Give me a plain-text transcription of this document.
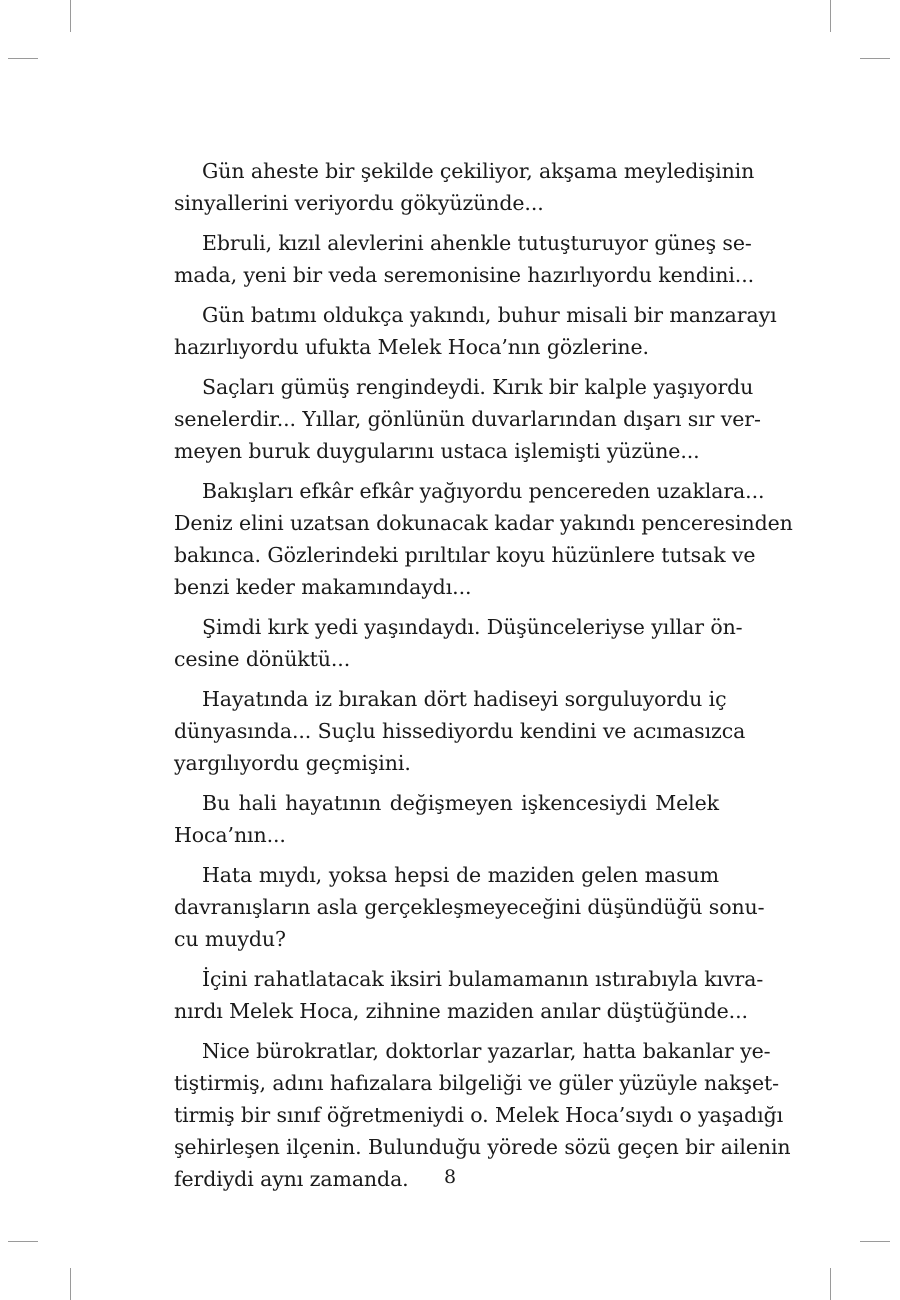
Gün aheste bir şekilde çekiliyor, akşama meyledişinin
sinyallerini veriyordu gökyüzünde...

Ebruli, kızıl alevlerini ahenkle tutuşturuyor güneş se-
mada, yeni bir veda seremonisine hazırlıyordu kendini...

Gün batımı oldukça yakındı, buhur misali bir manzarayı
hazırlıyordu ufukta Melek Hoca’nın gözlerine.

Saçları gümüş rengindeydi. Kırık bir kalple yaşıyordu
senelerdir... Yıllar, gönlünün duvarlarından dışarı sır ver-
meyen buruk duygularını ustaca işlemişti yüzüne...

Bakışları efkâr efkâr yağıyordu pencereden uzaklara...
Deniz elini uzatsan dokunacak kadar yakındı penceresinden
bakınca. Gözlerindeki pırıltılar koyu hüzünlere tutsak ve
benzi keder makamındaydı...

Şimdi kırk yedi yaşındaydı. Düşünceleriyse yıllar ön-
cesine dönüktü...

Hayatında iz bırakan dört hadiseyi sorguluyordu iç
dünyasında... Suçlu hissediyordu kendini ve acımasızca
yargılıyordu geçmişini.

Bu hali hayatının değişmeyen işkencesiydi Melek
Hoca’nın...

Hata mıydı, yoksa hepsi de maziden gelen masum
davranışların asla gerçekleşmeyeceğini düşündüğü sonu-
cu muydu?

İçini rahatlatacak iksiri bulamamanın ıstırabıyla kıvra-
nırdı Melek Hoca, zihnine maziden anılar düştüğünde...

Nice bürokratlar, doktorlar yazarlar, hatta bakanlar ye-
tiştirmiş, adını hafızalara bilgeliği ve güler yüzüyle nakşet-
tirmiş bir sınıf öğretmeniydi o. Melek Hoca’sıydı o yaşadığı
şehirleşen ilçenin. Bulunduğu yörede sözü geçen bir ailenin
ferdiydi aynı zamanda.	8
